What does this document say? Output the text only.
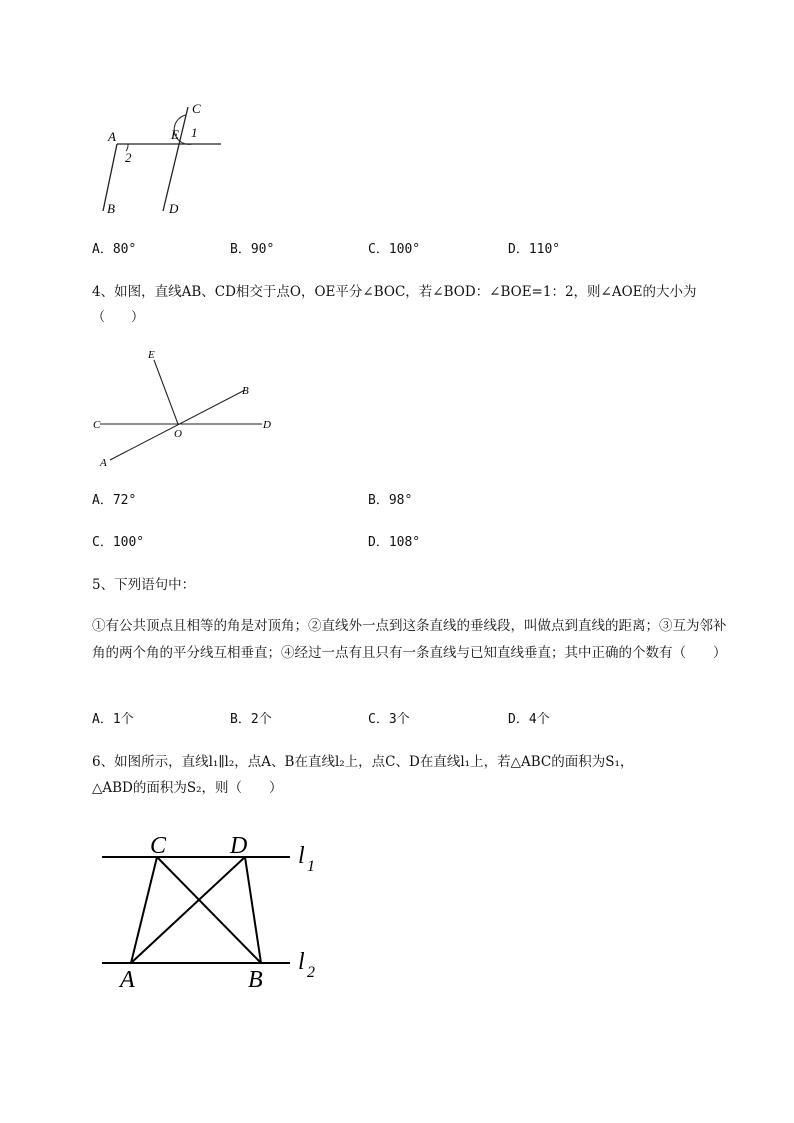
A	E 1
C
2
B	D
A．80°	B．90°	C．100°	D．110°
4、如图，直线AB、CD相交于点O，OE平分∠BOC，若∠BOD：∠BOE=1：2，则∠AOE的大小为
（　　）
E
B
C
O
D
A
A．72°	B．98°
C．100°	D．108°
5、下列语句中：
①有公共顶点且相等的角是对顶角；②直线外一点到这条直线的垂线段，叫做点到直线的距离；③互为邻补角的两个角的平分线互相垂直；④经过一点有且只有一条直线与已知直线垂直；其中正确的个数有（　　）
A．1个	B．2个	C．3个	D．4个
6、如图所示，直线l₁∥l₂，点A、B在直线l₂上，点C、D在直线l₁上，若△ABC的面积为S₁，
△ABD的面积为S₂，则（　　）
C	D l 1
A	B
l 2
